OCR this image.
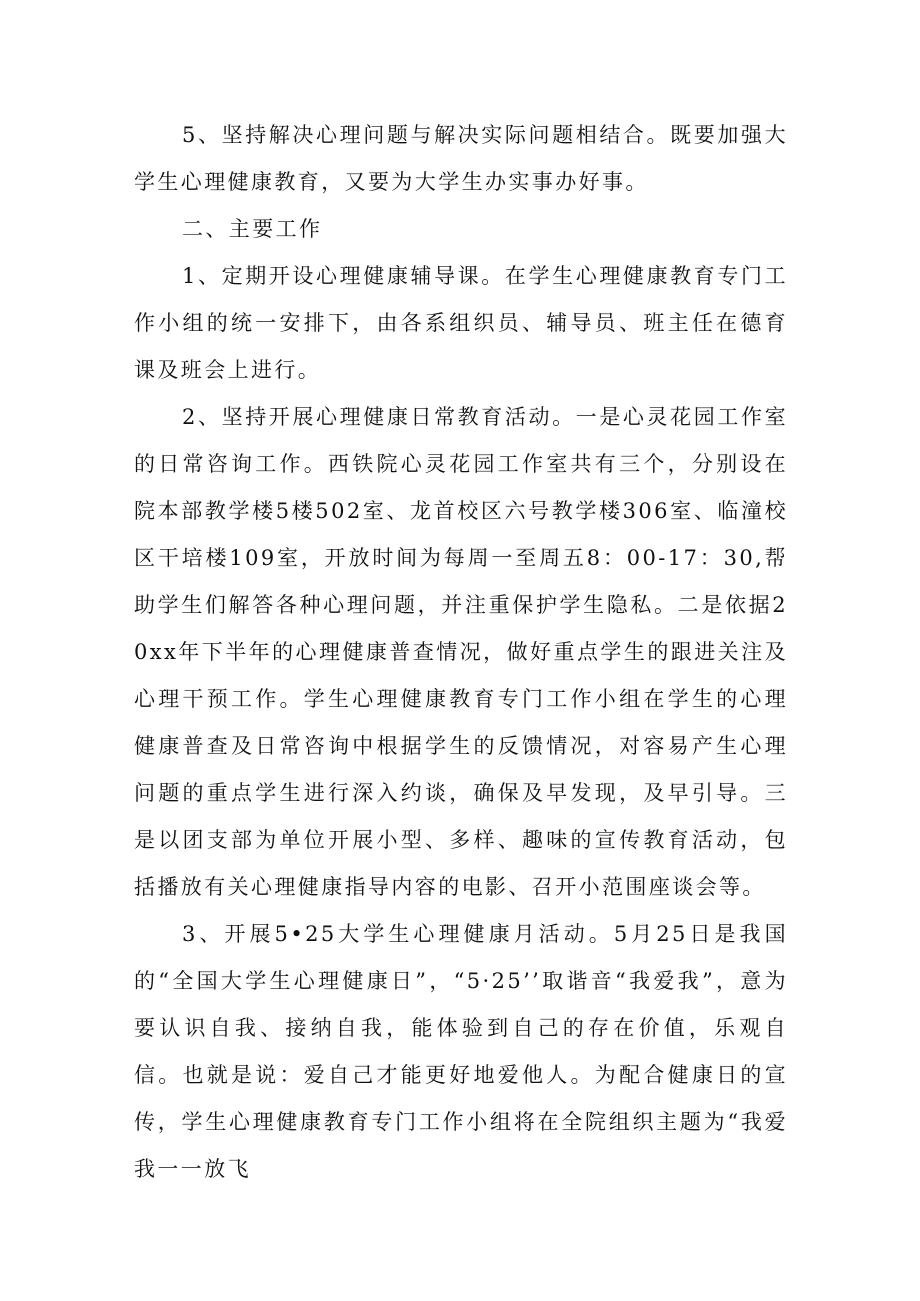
5、坚持解决心理问题与解决实际问题相结合。既要加强大学生心理健康教育，又要为大学生办实事办好事。

二、主要工作

1、定期开设心理健康辅导课。在学生心理健康教育专门工作小组的统一安排下，由各系组织员、辅导员、班主任在德育课及班会上进行。

2、坚持开展心理健康日常教育活动。一是心灵花园工作室的日常咨询工作。西铁院心灵花园工作室共有三个，分别设在院本部教学楼5楼502室、龙首校区六号教学楼306室、临潼校区干培楼109室，开放时间为每周一至周五8：00-17：30,帮助学生们解答各种心理问题，并注重保护学生隐私。二是依据20xx年下半年的心理健康普查情况，做好重点学生的跟进关注及心理干预工作。学生心理健康教育专门工作小组在学生的心理健康普查及日常咨询中根据学生的反馈情况，对容易产生心理问题的重点学生进行深入约谈，确保及早发现，及早引导。三是以团支部为单位开展小型、多样、趣味的宣传教育活动，包括播放有关心理健康指导内容的电影、召开小范围座谈会等。

3、开展5•25大学生心理健康月活动。5月25日是我国的“全国大学生心理健康日”，“5·25’’取谐音“我爱我”，意为要认识自我、接纳自我，能体验到自己的存在价值，乐观自信。也就是说：爱自己才能更好地爱他人。为配合健康日的宣传，学生心理健康教育专门工作小组将在全院组织主题为“我爱我一一放飞
